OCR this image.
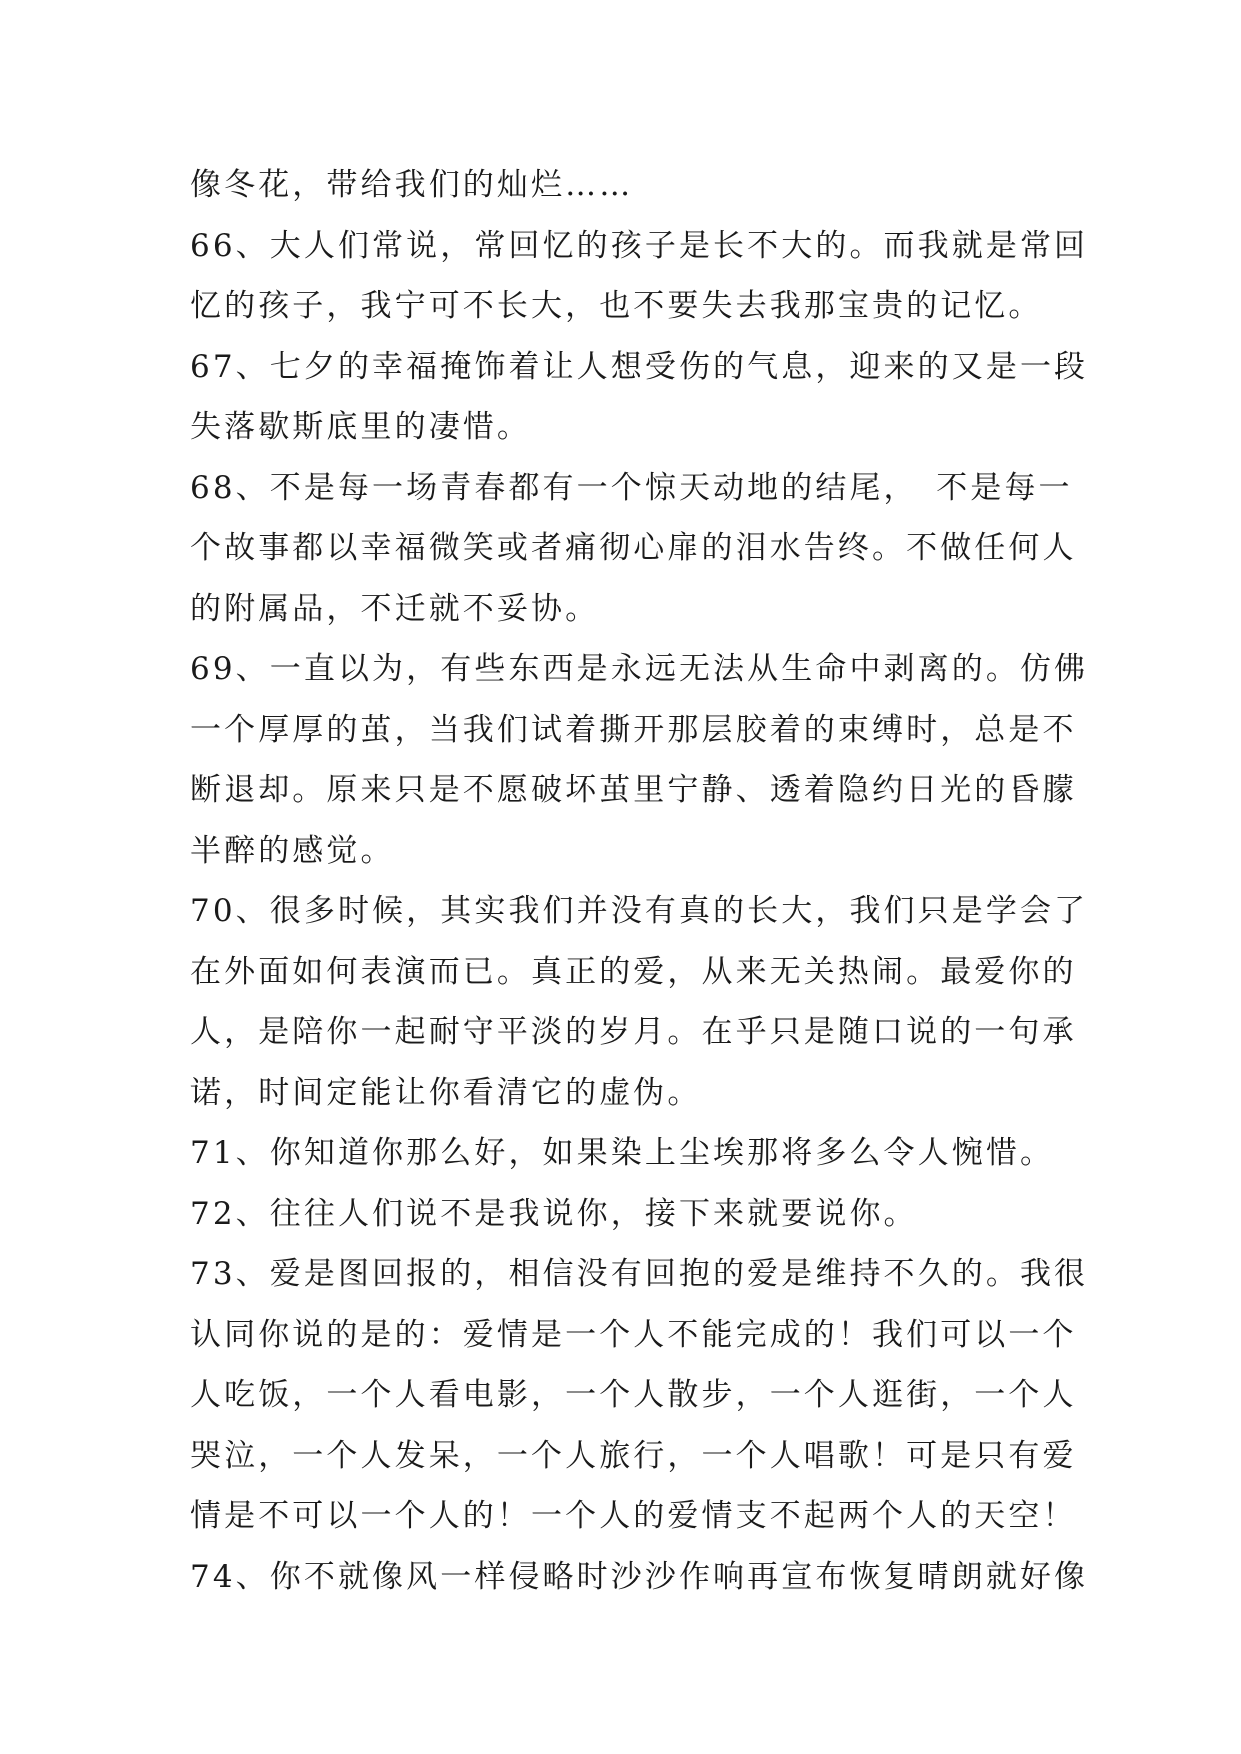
像冬花，带给我们的灿烂……
66、大人们常说，常回忆的孩子是长不大的。而我就是常回
忆的孩子，我宁可不长大，也不要失去我那宝贵的记忆。
67、七夕的幸福掩饰着让人想受伤的气息，迎来的又是一段
失落歇斯底里的凄惜。
68、不是每一场青春都有一个惊天动地的结尾，　不是每一
个故事都以幸福微笑或者痛彻心扉的泪水告终。不做任何人
的附属品，不迁就不妥协。
69、一直以为，有些东西是永远无法从生命中剥离的。仿佛
一个厚厚的茧，当我们试着撕开那层胶着的束缚时，总是不
断退却。原来只是不愿破坏茧里宁静、透着隐约日光的昏朦
半醉的感觉。
70、很多时候，其实我们并没有真的长大，我们只是学会了
在外面如何表演而已。真正的爱，从来无关热闹。最爱你的
人，是陪你一起耐守平淡的岁月。在乎只是随口说的一句承
诺，时间定能让你看清它的虚伪。
71、你知道你那么好，如果染上尘埃那将多么令人惋惜。
72、往往人们说不是我说你，接下来就要说你。
73、爱是图回报的，相信没有回抱的爱是维持不久的。我很
认同你说的是的：爱情是一个人不能完成的！我们可以一个
人吃饭，一个人看电影，一个人散步，一个人逛街，一个人
哭泣，一个人发呆，一个人旅行，一个人唱歌！可是只有爱
情是不可以一个人的！一个人的爱情支不起两个人的天空！
74、你不就像风一样侵略时沙沙作响再宣布恢复晴朗就好像
